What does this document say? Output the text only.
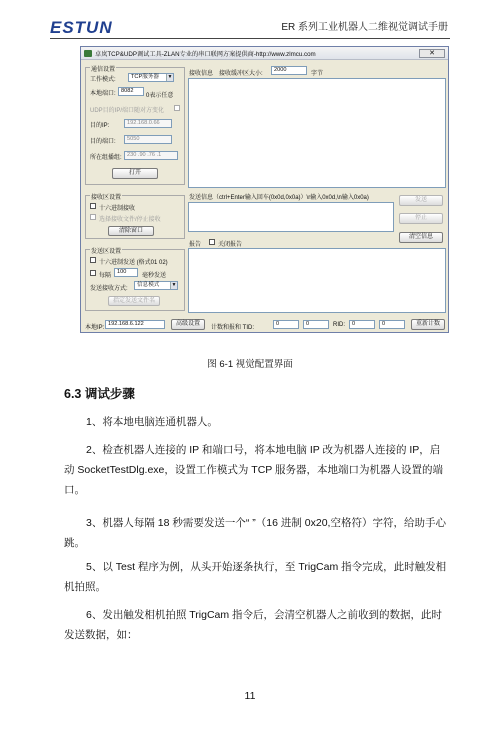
ESTUN	ER 系列工业机器人二维视觉调试手册
卓岚TCP&UDP调试工具-ZLAN专业的串口联网方案提供商-http://www.zlmcu.com	✕
通信设置
工作模式:	TCP服务器	▼
本地端口: 8082
0表示任意
UDP目的IP/端口随对方变化
目的IP:	192.168.0.66
目的端口:	5050
所在组播组: 230 .90 .76 .1
打开
接收区设置
十六进制接收
选择接收文件/停止接收
清除窗口
发送区设置
十六进制发送 (格式01 02)
每隔
100
毫秒发送
发送接收方式:
信息模式	▼
指定发送文件名
接收信息 接收缓冲区大小:
2000
字节
发送信息（ctrl+Enter输入回车(0x0d,0x0a)）\r输入0x0d,\n输入0x0a)	发送
停止
清空信息
报告	关闭报告
本地IP:
192.168.6.122	高级设置
计数和报和 TID:
0	0	RID:	0	0	重新计数
图 6-1 视觉配置界面
6.3 调试步骤
1、将本地电脑连通机器人。
2、检查机器人连接的 IP 和端口号，将本地电脑 IP 改为机器人连接的 IP，启动 SocketTestDlg.exe，设置工作模式为 TCP 服务器，本地端口为机器人设置的端口。
3、机器人每隔 18 秒需要发送一个“ ”（16 进制 0x20,空格符）字符，给助手心跳。
5、以 Test 程序为例，从头开始逐条执行，至 TrigCam 指令完成，此时触发相机拍照。
6、发出触发相机拍照 TrigCam 指令后，会清空机器人之前收到的数据，此时发送数据，如：
11
